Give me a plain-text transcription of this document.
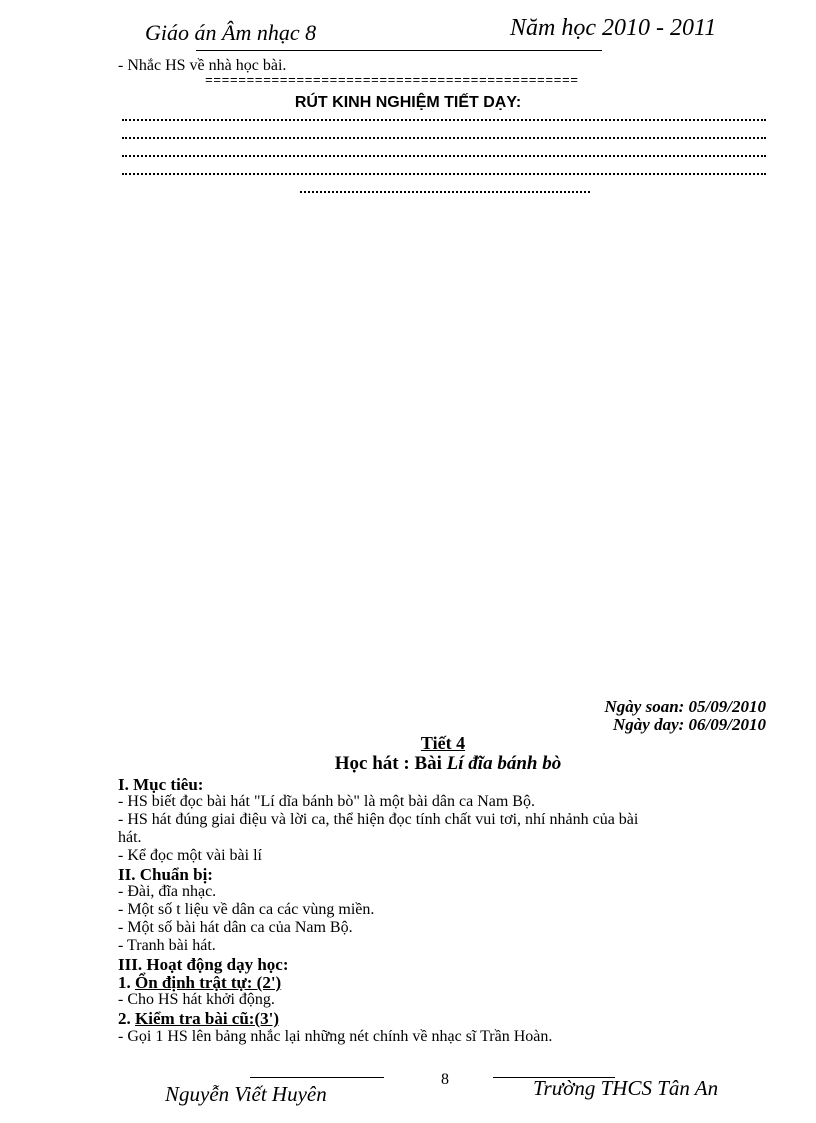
Giáo án Âm nhạc 8	Năm học 2010 - 2011
- Nhắc HS về nhà học bài.
=============================================
RÚT KINH NGHIỆM TIẾT DẠY:
Ngày soan: 05/09/2010
Ngày day: 06/09/2010
Tiết 4
Học hát : Bài Lí đĩa bánh bò
I. Mục tiêu:
- HS biết đọc bài hát "Lí dĩa bánh bò" là một bài dân ca Nam Bộ.
- HS hát đúng giai điệu và lời ca, thể hiện đọc tính chất vui tơi, nhí nhảnh của bài
hát.
- Kể đọc một vài bài lí
II. Chuẩn bị:
- Đài, đĩa nhạc.
- Một số t liệu về dân ca các vùng miền.
- Một số bài hát dân ca của Nam Bộ.
- Tranh bài hát.
III. Hoạt động dạy học:
1. Ổn định trật tự: (2')
- Cho HS hát khởi động.
2. Kiểm tra bài cũ:(3')
- Gọi 1 HS lên bảng nhắc lại những nét chính về nhạc sĩ Trần Hoàn.
Nguyễn Viết Huyên
8	Trường THCS Tân An
